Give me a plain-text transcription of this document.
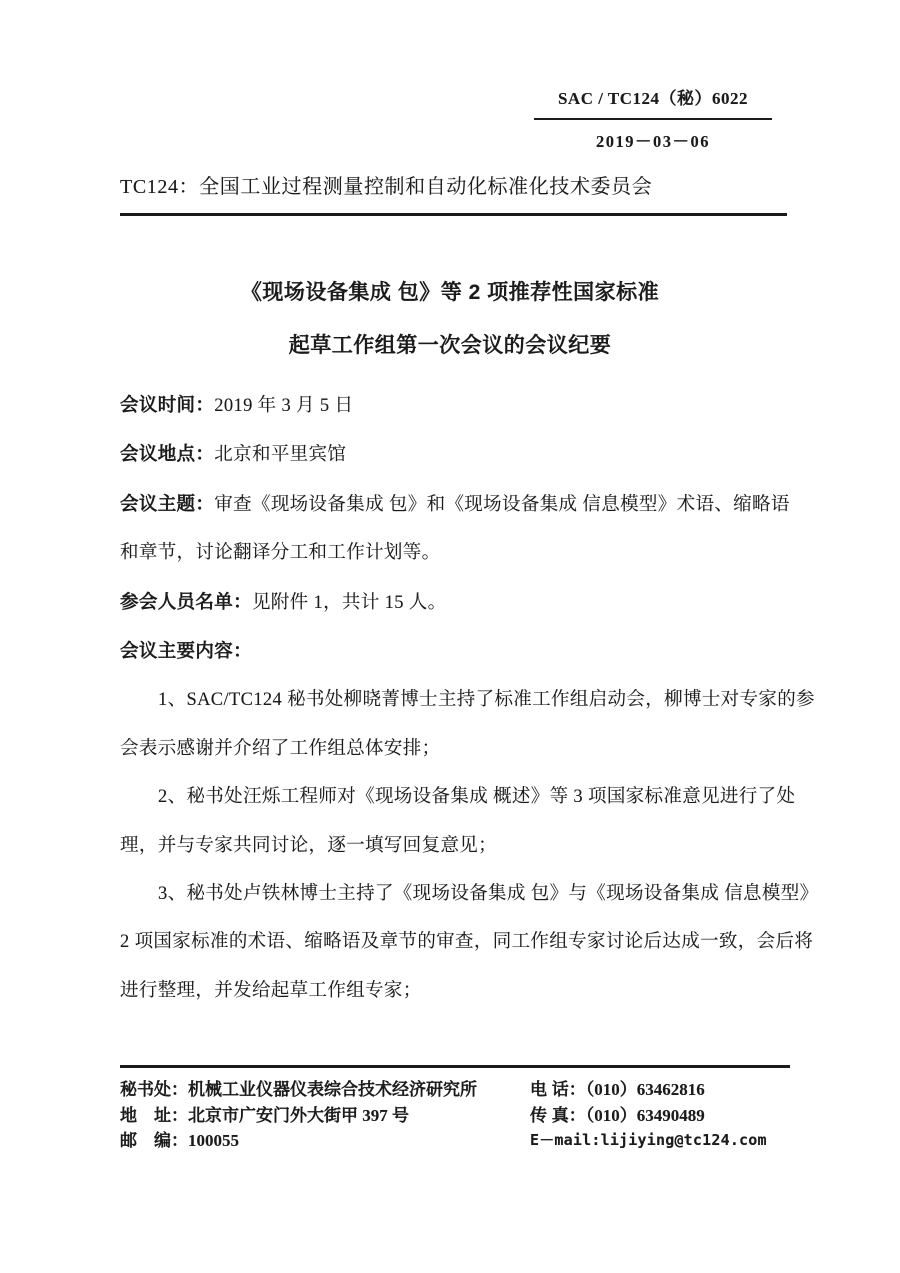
SAC / TC124（秘）6022
2019－03－06
TC124：全国工业过程测量控制和自动化标准化技术委员会
《现场设备集成 包》等 2 项推荐性国家标准
起草工作组第一次会议的会议纪要
会议时间：2019 年 3 月 5 日
会议地点：北京和平里宾馆
会议主题：审查《现场设备集成 包》和《现场设备集成 信息模型》术语、缩略语
和章节，讨论翻译分工和工作计划等。
参会人员名单：见附件 1，共计 15 人。
会议主要内容：
1、SAC/TC124 秘书处柳晓菁博士主持了标准工作组启动会，柳博士对专家的参
会表示感谢并介绍了工作组总体安排；
2、秘书处汪烁工程师对《现场设备集成 概述》等 3 项国家标准意见进行了处
理，并与专家共同讨论，逐一填写回复意见；
3、秘书处卢铁林博士主持了《现场设备集成 包》与《现场设备集成 信息模型》
2 项国家标准的术语、缩略语及章节的审查，同工作组专家讨论后达成一致，会后将
进行整理，并发给起草工作组专家；
秘书处：机械工业仪器仪表综合技术经济研究所
地　址：北京市广安门外大街甲 397 号
邮　编：100055
电 话：（010）63462816
传 真：（010）63490489
E－mail:lijiying@tc124.com
